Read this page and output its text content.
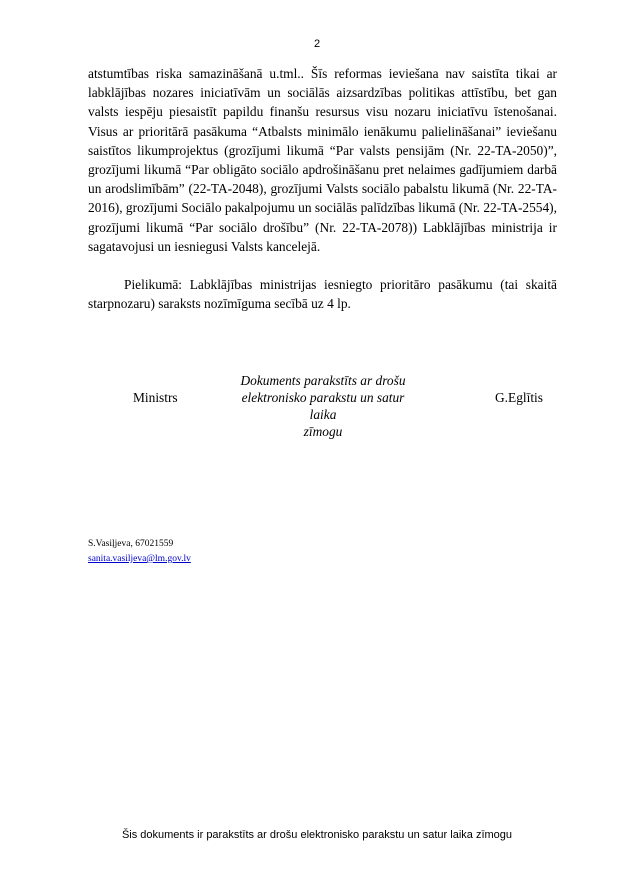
2

atstumtības riska samazināšanā u.tml.. Šīs reformas ieviešana nav saistīta tikai ar labklājības nozares iniciatīvām un sociālās aizsardzības politikas attīstību, bet gan valsts iespēju piesaistīt papildu finanšu resursus visu nozaru iniciatīvu īstenošanai. Visus ar prioritārā pasākuma “Atbalsts minimālo ienākumu palielināšanai” ieviešanu saistītos likumprojektus (grozījumi likumā “Par valsts pensijām (Nr. 22-TA-2050)”, grozījumi likumā “Par obligāto sociālo apdrošināšanu pret nelaimes gadījumiem darbā un arodslimībām” (22-TA-2048), grozījumi Valsts sociālo pabalstu likumā (Nr. 22-TA-2016), grozījumi Sociālo pakalpojumu un sociālās palīdzības likumā (Nr. 22-TA-2554), grozījumi likumā “Par sociālo drošību” (Nr. 22-TA-2078)) Labklājības ministrija ir sagatavojusi un iesniegusi Valsts kancelejā.

Pielikumā: Labklājības ministrijas iesniegto prioritāro pasākumu (tai skaitā starpnozaru) saraksts nozīmīguma secībā uz 4 lp.

Ministrs
Dokuments parakstīts ar drošu
elektronisko parakstu un satur laika
zīmogu
G.Eglītis
S.Vasiļjeva, 67021559
sanita.vasiljeva@lm.gov.lv
Šis dokuments ir parakstīts ar drošu elektronisko parakstu un satur laika zīmogu
